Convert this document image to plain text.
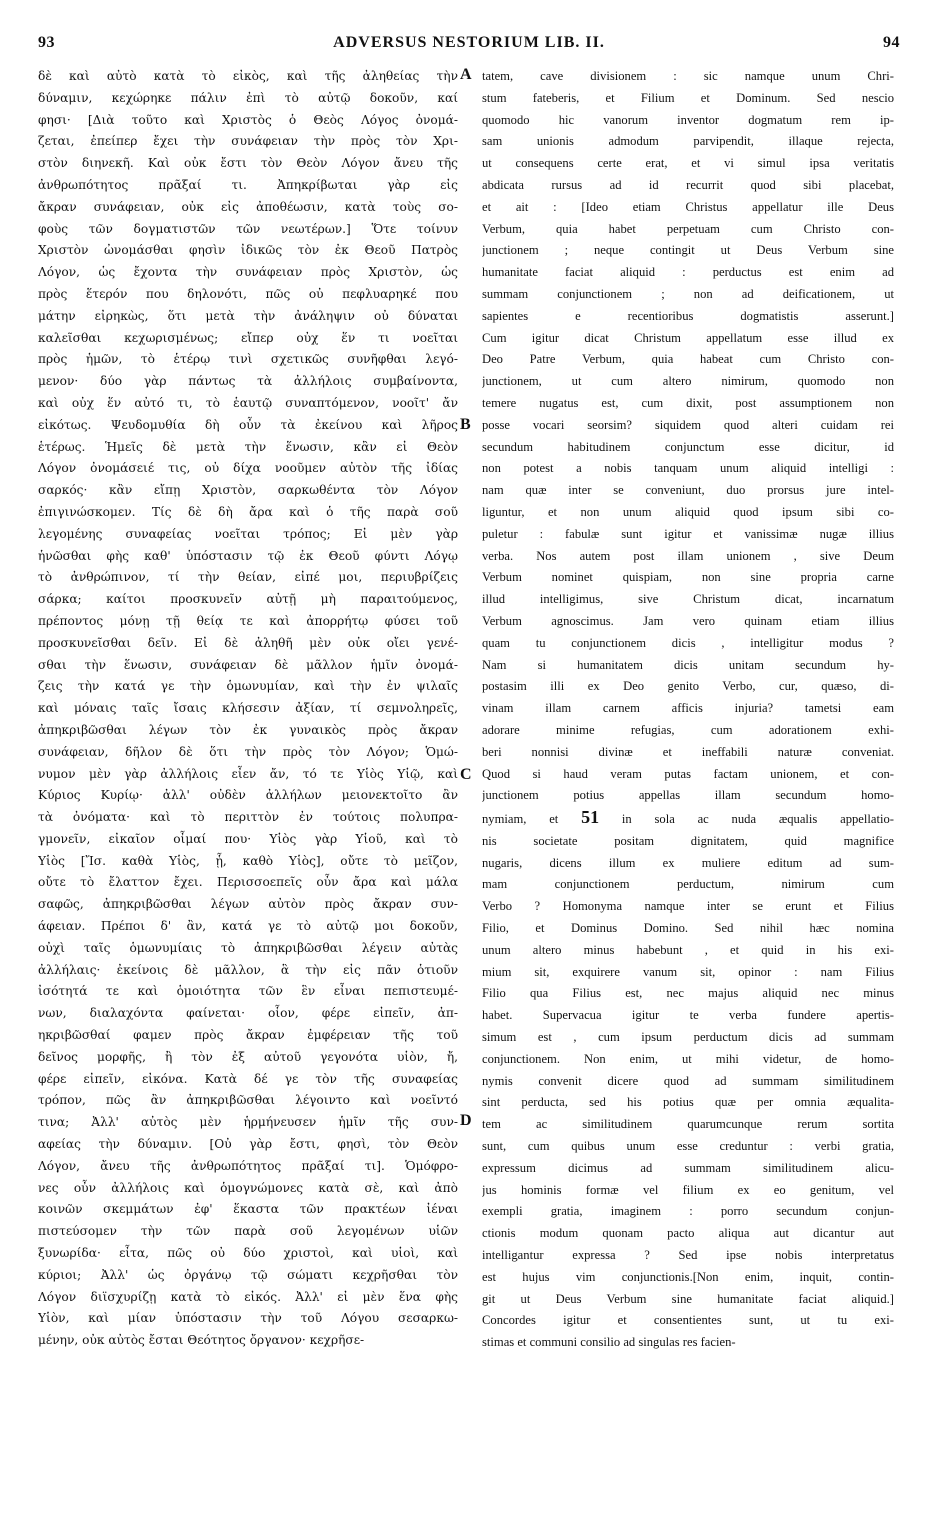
93	ADVERSUS NESTORIUM LIB. II.	94
δὲ καὶ αὐτὸ κατὰ τὸ εἰκὸς, καὶ τῆς ἀληθείας τὴν
δύναμιν, κεχώρηκε πάλιν ἐπὶ τὸ αὐτῷ δοκοῦν, καί
φησι· [Διὰ τοῦτο καὶ Χριστὸς ὁ Θεὸς Λόγος ὀνομά-
ζεται, ἐπείπερ ἔχει τὴν συνάφειαν τὴν πρὸς τὸν Χρι-
στὸν διηνεκῆ. Καὶ οὐκ ἔστι τὸν Θεὸν Λόγον ἄνευ τῆς
ἀνθρωπότητος πρᾶξαί τι. Ἀπηκρίβωται γὰρ εἰς
ἄκραν συνάφειαν, οὐκ εἰς ἀποθέωσιν, κατὰ τοὺς σο-
φοὺς τῶν δογματιστῶν τῶν νεωτέρων.] Ὅτε τοίνυν
Χριστὸν ὠνομάσθαι φησὶν ἰδικῶς τὸν ἐκ Θεοῦ Πατρὸς
Λόγον, ὡς ἔχοντα τὴν συνάφειαν πρὸς Χριστὸν, ὡς
πρὸς ἕτερόν που δηλονότι, πῶς οὐ πεφλυαρηκέ που
μάτην εἰρηκὼς, ὅτι μετὰ τὴν ἀνάληψιν οὐ δύναται
καλεῖσθαι κεχωρισμένως; εἴπερ οὐχ ἕν τι νοεῖται
πρὸς ἡμῶν, τὸ ἑτέρῳ τινὶ σχετικῶς συνῆφθαι λεγό-
μενον· δύο γὰρ πάντως τὰ ἀλλήλοις συμβαίνοντα,
καὶ οὐχ ἕν αὐτό τι, τὸ ἑαυτῷ συναπτόμενον, νοοῖτ' ἄν
εἰκότως. Ψευδομυθία δὴ οὖν τὰ ἐκείνου καὶ λῆρος
ἑτέρως. Ἡμεῖς δὲ μετὰ τὴν ἕνωσιν, κἂν εἰ Θεὸν
Λόγον ὀνομάσειέ τις, οὐ δίχα νοοῦμεν αὐτὸν τῆς ἰδίας
σαρκός· κἂν εἴπῃ Χριστὸν, σαρκωθέντα τὸν Λόγον
ἐπιγινώσκομεν. Τίς δὲ δὴ ἄρα καὶ ὁ τῆς παρὰ σοῦ
λεγομένης συναφείας νοεῖται τρόπος; Εἰ μὲν γὰρ
ἡνῶσθαι φὴς καθ' ὑπόστασιν τῷ ἐκ Θεοῦ φύντι Λόγῳ
τὸ ἀνθρώπινον, τί τὴν θείαν, εἰπέ μοι, περιυβρίζεις
σάρκα; καίτοι προσκυνεῖν αὐτῇ μὴ παραιτούμενος,
πρέποντος μόνῃ τῇ θείᾳ τε καὶ ἀπορρήτῳ φύσει τοῦ
προσκυνεῖσθαι δεῖν. Εἰ δὲ ἀληθῆ μὲν οὐκ οἴει γενέ-
σθαι τὴν ἕνωσιν, συνάφειαν δὲ μᾶλλον ἡμῖν ὀνομά-
ζεις τὴν κατά γε τὴν ὁμωνυμίαν, καὶ τὴν ἐν ψιλαῖς
καὶ μόναις ταῖς ἴσαις κλήσεσιν ἀξίαν, τί σεμνοληρεῖς,
ἀπηκριβῶσθαι λέγων τὸν ἐκ γυναικὸς πρὸς ἄκραν
συνάφειαν, δῆλον δὲ ὅτι τὴν πρὸς τὸν Λόγον; Ὁμώ-
νυμον μὲν γὰρ ἀλλήλοις εἶεν ἄν, τό τε Υἱὸς Υἱῷ, καὶ
Κύριος Κυρίῳ· ἀλλ' οὐδὲν ἀλλήλων μειονεκτοῖτο ἂν
τὰ ὀνόματα· καὶ τὸ περιττὸν ἐν τούτοις πολυπρα-
γμονεῖν, εἰκαῖον οἶμαί που· Υἱὸς γὰρ Υἱοῦ, καὶ τὸ
Υἱὸς [Ἴσ. καθὰ Υἱὸς, ᾗ, καθὸ Υἱὸς], οὔτε τὸ μεῖζον,
οὔτε τὸ ἔλαττον ἔχει. Περισσοεπεῖς οὖν ἄρα καὶ μάλα
σαφῶς, ἀπηκριβῶσθαι λέγων αὐτὸν πρὸς ἄκραν συν-
άφειαν. Πρέποι δ' ἂν, κατά γε τὸ αὐτῷ μοι δοκοῦν,
οὐχὶ ταῖς ὁμωνυμίαις τὸ ἀπηκριβῶσθαι λέγειν αὐτὰς
ἀλλήλαις· ἐκείνοις δὲ μᾶλλον, ἃ τὴν εἰς πᾶν ὁτιοῦν
ἰσότητά τε καὶ ὁμοιότητα τῶν ἓν εἶναι πεπιστευμέ-
νων, διαλαχόντα φαίνεται· οἷον, φέρε εἰπεῖν, ἀπ-
ηκριβῶσθαί φαμεν πρὸς ἄκραν ἐμφέρειαν τῆς τοῦ
δεῖνος μορφῆς, ἢ τὸν ἐξ αὐτοῦ γεγονότα υἱὸν, ἤ,
φέρε εἰπεῖν, εἰκόνα. Κατὰ δέ γε τὸν τῆς συναφείας
τρόπον, πῶς ἂν ἀπηκριβῶσθαι λέγοιντο καὶ νοεῖντό
τινα; Ἀλλ' αὐτὸς μὲν ἡρμήνευσεν ἡμῖν τῆς συν-
αφείας τὴν δύναμιν. [Οὐ γὰρ ἔστι, φησὶ, τὸν Θεὸν
Λόγον, ἄνευ τῆς ἀνθρωπότητος πρᾶξαί τι]. Ὁμόφρο-
νες οὖν ἀλλήλοις καὶ ὁμογνώμονες κατὰ σὲ, καὶ ἀπὸ
κοινῶν σκεμμάτων ἐφ' ἕκαστα τῶν πρακτέων ἰέναι
πιστεύσομεν τὴν τῶν παρὰ σοῦ λεγομένων υἱῶν
ξυνωρίδα· εἶτα, πῶς οὐ δύο χριστοὶ, καὶ υἱοὶ, καὶ
κύριοι; Ἀλλ' ὡς ὀργάνῳ τῷ σώματι κεχρῆσθαι τὸν
Λόγον διϊσχυρίζῃ κατὰ τὸ εἰκός. Ἀλλ' εἰ μὲν ἕνα φὴς
Υἱὸν, καὶ μίαν ὑπόστασιν τὴν τοῦ Λόγου σεσαρκω-
μένην, οὐκ αὐτὸς ἔσται Θεότητος ὄργανον· κεχρῆσε-
tatem, cave divisionem : sic namque unum Chri-
stum fateberis, et Filium et Dominum. Sed nescio
quomodo hic vanorum inventor dogmatum rem ip-
sam unionis admodum parvipendit, illaque rejecta,
ut consequens certe erat, et vi simul ipsa veritatis
abdicata rursus ad id recurrit quod sibi placebat,
et ait : [Ideo etiam Christus appellatur ille Deus
Verbum, quia habet perpetuam cum Christo con-
junctionem ; neque contingit ut Deus Verbum sine
humanitate faciat aliquid : perductus est enim ad
summam conjunctionem ; non ad deificationem, ut
sapientes e recentioribus dogmatistis asserunt.]
Cum igitur dicat Christum appellatum esse illud ex
Deo Patre Verbum, quia habeat cum Christo con-
junctionem, ut cum altero nimirum, quomodo non
temere nugatus est, cum dixit, post assumptionem non
posse vocari seorsim? siquidem quod alteri cuidam rei
secundum habitudinem conjunctum esse dicitur, id
non potest a nobis tanquam unum aliquid intelligi :
nam quæ inter se conveniunt, duo prorsus jure intel-
liguntur, et non unum aliquid quod ipsum sibi co-
puletur : fabulæ sunt igitur et vanissimæ nugæ illius
verba. Nos autem post illam unionem , sive Deum
Verbum nominet quispiam, non sine propria carne
illud intelligimus, sive Christum dicat, incarnatum
Verbum agnoscimus. Jam vero quinam etiam illius
quam tu conjunctionem dicis , intelligitur modus ?
Nam si humanitatem dicis unitam secundum hy-
postasim illi ex Deo genito Verbo, cur, quæso, di-
vinam illam carnem afficis injuria? tametsi eam
adorare minime refugias, cum adorationem exhi-
beri nonnisi divinæ et ineffabili naturæ conveniat.
Quod si haud veram putas factam unionem, et con-
junctionem potius appellas illam secundum homo-
nymiam, et 51 in sola ac nuda æqualis appellatio-
nis societate positam dignitatem, quid magnifice
nugaris, dicens illum ex muliere editum ad sum-
mam conjunctionem perductum, nimirum cum
Verbo ? Homonyma namque inter se erunt et Filius
Filio, et Dominus Domino. Sed nihil hæc nomina
unum altero minus habebunt , et quid in his exi-
mium sit, exquirere vanum sit, opinor : nam Filius
Filio qua Filius est, nec majus aliquid nec minus
habet. Supervacua igitur te verba fundere apertis-
simum est , cum ipsum perductum dicis ad summam
conjunctionem. Non enim, ut mihi videtur, de homo-
nymis convenit dicere quod ad summam similitudinem
sint perducta, sed his potius quæ per omnia æqualita-
tem ac similitudinem quarumcunque rerum sortita
sunt, cum quibus unum esse creduntur : verbi gratia,
expressum dicimus ad summam similitudinem alicu-
jus hominis formæ vel filium ex eo genitum, vel
exempli gratia, imaginem : porro secundum conjun-
ctionis modum quonam pacto aliqua aut dicantur aut
intelligantur expressa ? Sed ipse nobis interpretatus
est hujus vim conjunctionis.[Non enim, inquit, contin-
git ut Deus Verbum sine humanitate faciat aliquid.]
Concordes igitur et consentientes sunt, ut tu exi-
stimas et communi consilio ad singulas res facien-
A
B
C
D
